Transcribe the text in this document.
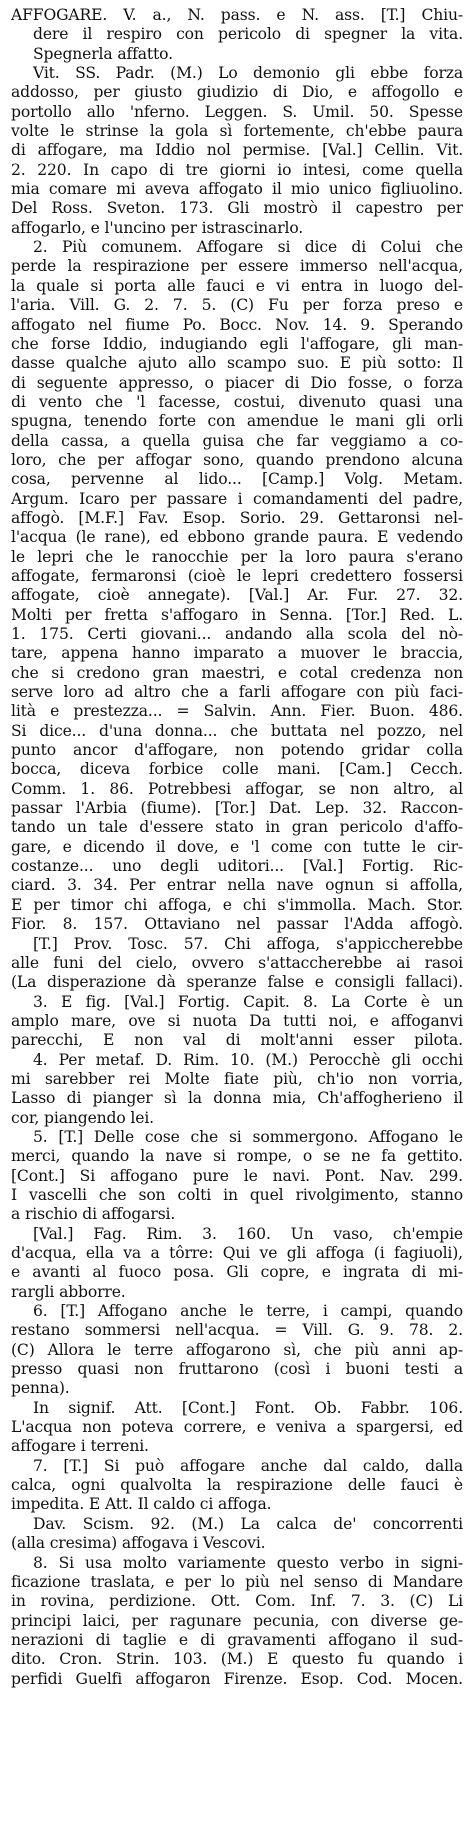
AFFOGARE. V. a., N. pass. e N. ass. [T.] Chiu-
dere il respiro con pericolo di spegner la vita.
Spegnerla affatto.
Vit. SS. Padr. (M.) Lo demonio gli ebbe forza
addosso, per giusto giudizio di Dio, e affogollo e
portollo allo 'nferno. Leggen. S. Umil. 50. Spesse
volte le strinse la gola sì fortemente, ch'ebbe paura
di affogare, ma Iddio nol permise. [Val.] Cellin. Vit.
2. 220. In capo di tre giorni io intesi, come quella
mia comare mi aveva affogato il mio unico figliuolino.
Del Ross. Sveton. 173. Gli mostrò il capestro per
affogarlo, e l'uncino per istrascinarlo.
2. Più comunem. Affogare si dice di Colui che
perde la respirazione per essere immerso nell'acqua,
la quale si porta alle fauci e vi entra in luogo del-
l'aria. Vill. G. 2. 7. 5. (C) Fu per forza preso e
affogato nel fiume Po. Bocc. Nov. 14. 9. Sperando
che forse Iddio, indugiando egli l'affogare, gli man-
dasse qualche ajuto allo scampo suo. E più sotto: Il
di seguente appresso, o piacer di Dio fosse, o forza
di vento che 'l facesse, costui, divenuto quasi una
spugna, tenendo forte con amendue le mani gli orli
della cassa, a quella guisa che far veggiamo a co-
loro, che per affogar sono, quando prendono alcuna
cosa, pervenne al lido... [Camp.] Volg. Metam.
Argum. Icaro per passare i comandamenti del padre,
affogò. [M.F.] Fav. Esop. Sorio. 29. Gettaronsi nel-
l'acqua (le rane), ed ebbono grande paura. E vedendo
le lepri che le ranocchie per la loro paura s'erano
affogate, fermaronsi (cioè le lepri credettero fossersi
affogate, cioè annegate). [Val.] Ar. Fur. 27. 32.
Molti per fretta s'affogaro in Senna. [Tor.] Red. L.
1. 175. Certi giovani... andando alla scola del nò-
tare, appena hanno imparato a muover le braccia,
che si credono gran maestri, e cotal credenza non
serve loro ad altro che a farli affogare con più faci-
lità e prestezza... = Salvin. Ann. Fier. Buon. 486.
Si dice... d'una donna... che buttata nel pozzo, nel
punto ancor d'affogare, non potendo gridar colla
bocca, diceva forbice colle mani. [Cam.] Cecch.
Comm. 1. 86. Potrebbesi affogar, se non altro, al
passar l'Arbia (fiume). [Tor.] Dat. Lep. 32. Raccon-
tando un tale d'essere stato in gran pericolo d'affo-
gare, e dicendo il dove, e 'l come con tutte le cir-
costanze... uno degli uditori... [Val.] Fortig. Ric-
ciard. 3. 34. Per entrar nella nave ognun si affolla,
E per timor chi affoga, e chi s'immolla. Mach. Stor.
Fior. 8. 157. Ottaviano nel passar l'Adda affogò.
[T.] Prov. Tosc. 57. Chi affoga, s'appiccherebbe
alle funi del cielo, ovvero s'attaccherebbe ai rasoi
(La disperazione dà speranze false e consigli fallaci).
3. E fig. [Val.] Fortig. Capit. 8. La Corte è un
amplo mare, ove si nuota Da tutti noi, e affoganvi
parecchi, E non val di molt'anni esser pilota.
4. Per metaf. D. Rim. 10. (M.) Perocchè gli occhi
mi sarebber rei Molte fiate più, ch'io non vorria,
Lasso di pianger sì la donna mia, Ch'affogherieno il
cor, piangendo lei.
5. [T.] Delle cose che si sommergono. Affogano le
merci, quando la nave si rompe, o se ne fa gettito.
[Cont.] Si affogano pure le navi. Pont. Nav. 299.
I vascelli che son colti in quel rivolgimento, stanno
a rischio di affogarsi.
[Val.] Fag. Rim. 3. 160. Un vaso, ch'empie
d'acqua, ella va a tôrre: Qui ve gli affoga (i fagiuoli),
e avanti al fuoco posa. Gli copre, e ingrata di mi-
rargli abborre.
6. [T.] Affogano anche le terre, i campi, quando
restano sommersi nell'acqua. = Vill. G. 9. 78. 2.
(C) Allora le terre affogarono sì, che più anni ap-
presso quasi non fruttarono (così i buoni testi a
penna).
In signif. Att. [Cont.] Font. Ob. Fabbr. 106.
L'acqua non poteva correre, e veniva a spargersi, ed
affogare i terreni.
7. [T.] Si può affogare anche dal caldo, dalla
calca, ogni qualvolta la respirazione delle fauci è
impedita. E Att. Il caldo ci affoga.
Dav. Scism. 92. (M.) La calca de' concorrenti
(alla cresima) affogava i Vescovi.
8. Si usa molto variamente questo verbo in signi-
ficazione traslata, e per lo più nel senso di Mandare
in rovina, perdizione. Ott. Com. Inf. 7. 3. (C) Li
principi laici, per ragunare pecunia, con diverse ge-
nerazioni di taglie e di gravamenti affogano il sud-
dito. Cron. Strin. 103. (M.) E questo fu quando i
perfidi Guelfi affogaron Firenze. Esop. Cod. Mocen.
